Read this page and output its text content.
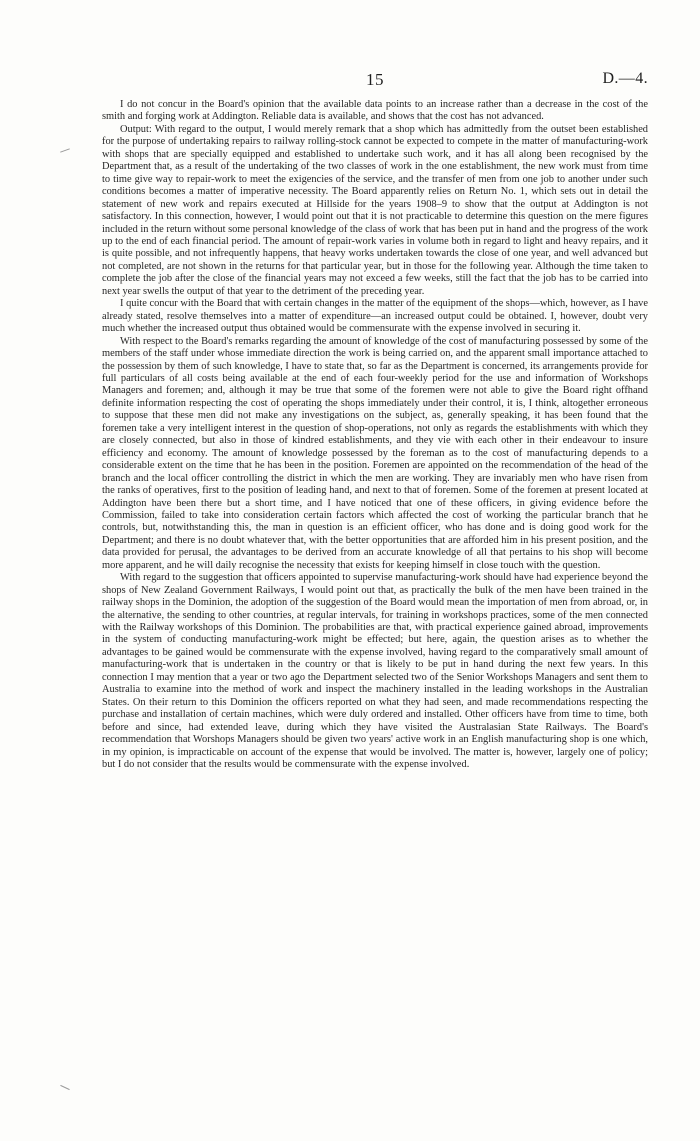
15	D.—4.

I do not concur in the Board's opinion that the available data points to an increase rather than a decrease in the cost of the smith and forging work at Addington. Reliable data is available, and shows that the cost has not advanced.

Output: With regard to the output, I would merely remark that a shop which has admittedly from the outset been established for the purpose of undertaking repairs to railway rolling-stock cannot be expected to compete in the matter of manufacturing-work with shops that are specially equipped and established to undertake such work, and it has all along been recognised by the Department that, as a result of the undertaking of the two classes of work in the one establishment, the new work must from time to time give way to repair-work to meet the exigencies of the service, and the transfer of men from one job to another under such conditions becomes a matter of imperative necessity. The Board apparently relies on Return No. 1, which sets out in detail the statement of new work and repairs executed at Hillside for the years 1908–9 to show that the output at Addington is not satisfactory. In this connection, however, I would point out that it is not practicable to determine this question on the mere figures included in the return without some personal knowledge of the class of work that has been put in hand and the progress of the work up to the end of each financial period. The amount of repair-work varies in volume both in regard to light and heavy repairs, and it is quite possible, and not infrequently happens, that heavy works undertaken towards the close of one year, and well advanced but not completed, are not shown in the returns for that particular year, but in those for the following year. Although the time taken to complete the job after the close of the financial years may not exceed a few weeks, still the fact that the job has to be carried into next year swells the output of that year to the detriment of the preceding year.

I quite concur with the Board that with certain changes in the matter of the equipment of the shops—which, however, as I have already stated, resolve themselves into a matter of expenditure—an increased output could be obtained. I, however, doubt very much whether the increased output thus obtained would be commensurate with the expense involved in securing it.

With respect to the Board's remarks regarding the amount of knowledge of the cost of manufacturing possessed by some of the members of the staff under whose immediate direction the work is being carried on, and the apparent small importance attached to the possession by them of such knowledge, I have to state that, so far as the Department is concerned, its arrangements provide for full particulars of all costs being available at the end of each four-weekly period for the use and information of Workshops Managers and foremen; and, although it may be true that some of the foremen were not able to give the Board right offhand definite information respecting the cost of operating the shops immediately under their control, it is, I think, altogether erroneous to suppose that these men did not make any investigations on the subject, as, generally speaking, it has been found that the foremen take a very intelligent interest in the question of shop-operations, not only as regards the establishments with which they are closely connected, but also in those of kindred establishments, and they vie with each other in their endeavour to insure efficiency and economy. The amount of knowledge possessed by the foreman as to the cost of manufacturing depends to a considerable extent on the time that he has been in the position. Foremen are appointed on the recommendation of the head of the branch and the local officer controlling the district in which the men are working. They are invariably men who have risen from the ranks of operatives, first to the position of leading hand, and next to that of foremen. Some of the foremen at present located at Addington have been there but a short time, and I have noticed that one of these officers, in giving evidence before the Commission, failed to take into consideration certain factors which affected the cost of working the particular branch that he controls, but, notwithstanding this, the man in question is an efficient officer, who has done and is doing good work for the Department; and there is no doubt whatever that, with the better opportunities that are afforded him in his present position, and the data provided for perusal, the advantages to be derived from an accurate knowledge of all that pertains to his shop will become more apparent, and he will daily recognise the necessity that exists for keeping himself in close touch with the question.

With regard to the suggestion that officers appointed to supervise manufacturing-work should have had experience beyond the shops of New Zealand Government Railways, I would point out that, as practically the bulk of the men have been trained in the railway shops in the Dominion, the adoption of the suggestion of the Board would mean the importation of men from abroad, or, in the alternative, the sending to other countries, at regular intervals, for training in workshops practices, some of the men connected with the Railway workshops of this Dominion. The probabilities are that, with practical experience gained abroad, improvements in the system of conducting manufacturing-work might be effected; but here, again, the question arises as to whether the advantages to be gained would be commensurate with the expense involved, having regard to the comparatively small amount of manufacturing-work that is undertaken in the country or that is likely to be put in hand during the next few years. In this connection I may mention that a year or two ago the Department selected two of the Senior Workshops Managers and sent them to Australia to examine into the method of work and inspect the machinery installed in the leading workshops in the Australian States. On their return to this Dominion the officers reported on what they had seen, and made recommendations respecting the purchase and installation of certain machines, which were duly ordered and installed. Other officers have from time to time, both before and since, had extended leave, during which they have visited the Australasian State Railways. The Board's recommendation that Worshops Managers should be given two years' active work in an English manufacturing shop is one which, in my opinion, is impracticable on account of the expense that would be involved. The matter is, however, largely one of policy; but I do not consider that the results would be commensurate with the expense involved.
